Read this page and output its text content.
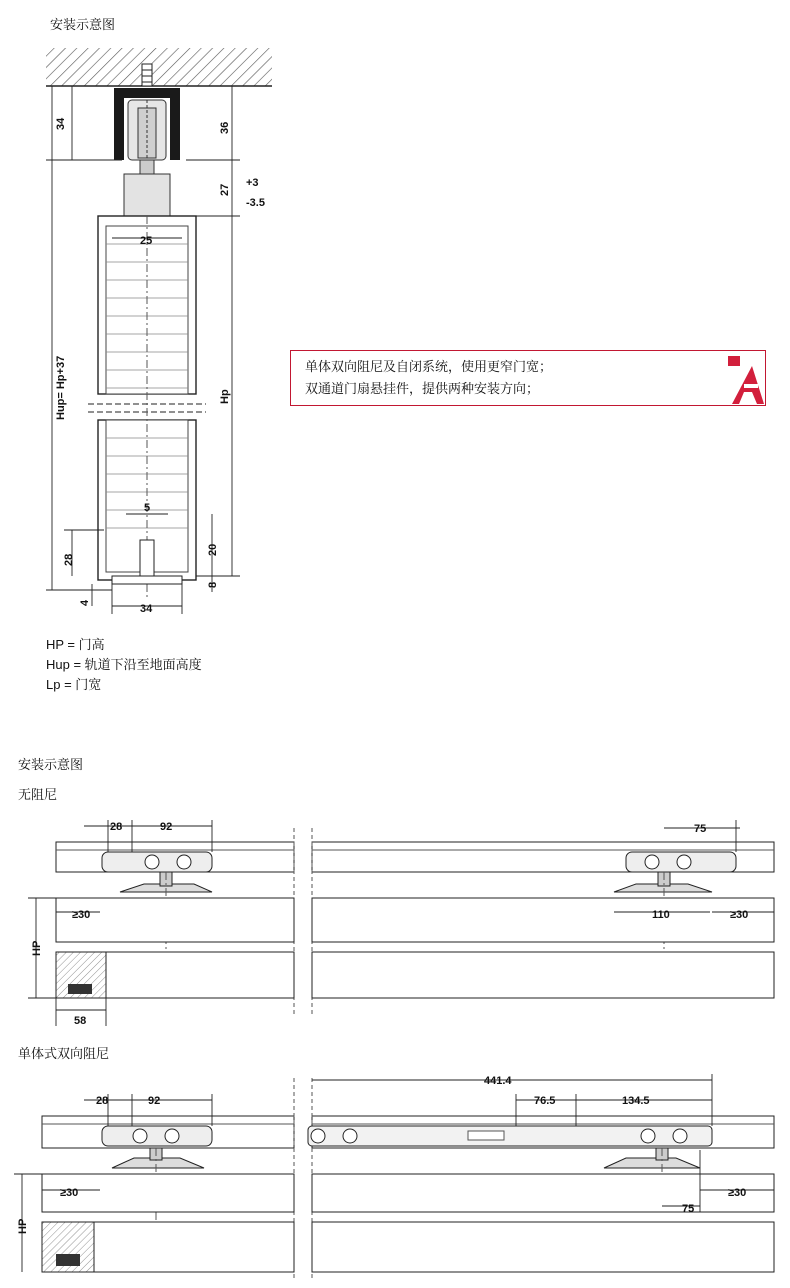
安装示意图
单体双向阻尼及自闭系统，使用更窄门宽；
双通道门扇悬挂件，提供两种安装方向；
HP = 门高
Hup = 轨道下沿至地面高度
Lp = 门宽
安装示意图
无阻尼
单体式双向阻尼
34	36
27
+3
-3.5
25
Hup= Hp+37	Hp
5
28
20
8
4
34
28	92	75
≥30	110	≥30
HP
58
28	92
441.4
76.5	134.5
≥30	≥30
75
HP
